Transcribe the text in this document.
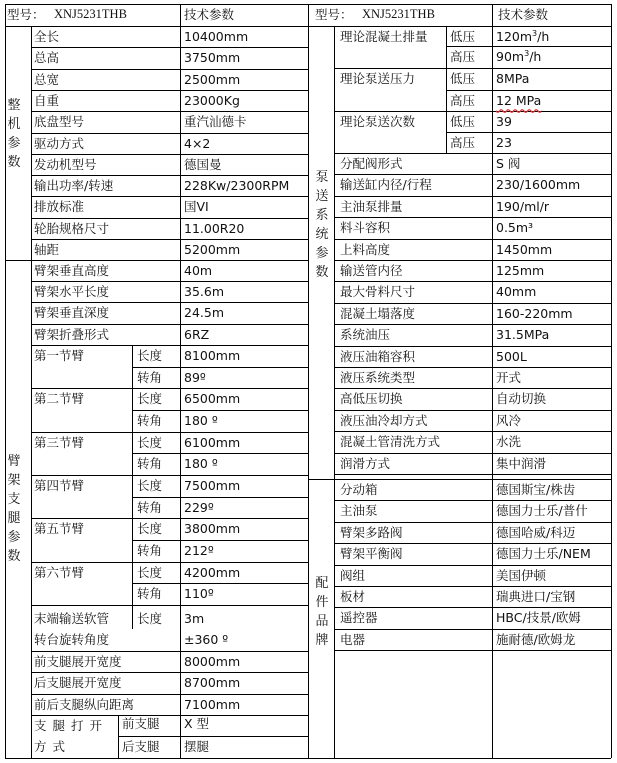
型号： XNJ5231THB	技术参数
整机参数
臂架支腿参数
全长	10400mm
总高	3750mm
总宽	2500mm
自重	23000Kg
底盘型号	重汽汕德卡
驱动方式	4×2
发动机型号	德国曼
输出功率/转速	228Kw/2300RPM
排放标准	国VI
轮胎规格尺寸	11.00R20
轴距	5200mm
臂架垂直高度	40m
臂架水平长度	35.6m
臂架垂直深度	24.5m
臂架折叠形式	6RZ
第一节臂	长度 8100mm
转角 89º
第二节臂	长度 6500mm
转角 180 º
第三节臂	长度 6100mm
转角 180 º
第四节臂	长度 7500mm
转角 229º
第五节臂	长度 3800mm
转角 212º
第六节臂	长度 4200mm
转角 110º
末端输送软管 长度 3m
转台旋转角度	±360 º
前支腿展开宽度	8000mm
后支腿展开宽度	8700mm
前后支腿纵向距离	7100mm
支腿打开方式
前支腿 X 型
后支腿 摆腿
型号： XNJ5231THB	技术参数
泵送系统参数
配件品牌
理论混凝土排量	低压 $120m^3/h$
高压 $90m^3/h$
理论泵送压力	低压 8MPa
高压 12 MPa
理论泵送次数	低压 39
高压 23
分配阀形式	S 阀
输送缸内径/行程	230/1600mm
主油泵排量	190/ml/r
料斗容积	0.5m³
上料高度	1450mm
输送管内径	125mm
最大骨料尺寸	40mm
混凝土塌落度	160-220mm
系统油压	31.5MPa
液压油箱容积	500L
液压系统类型	开式
高低压切换	自动切换
液压油冷却方式	风冷
混凝土管清洗方式	水洗
润滑方式	集中润滑
分动箱	德国斯宝/株齿
主油泵	德国力士乐/普什
臂架多路阀	德国哈威/科迈
臂架平衡阀	德国力士乐/NEM
阀组	美国伊顿
板材	瑞典进口/宝钢
遥控器	HBC/技景/欧姆
电器	施耐德/欧姆龙
